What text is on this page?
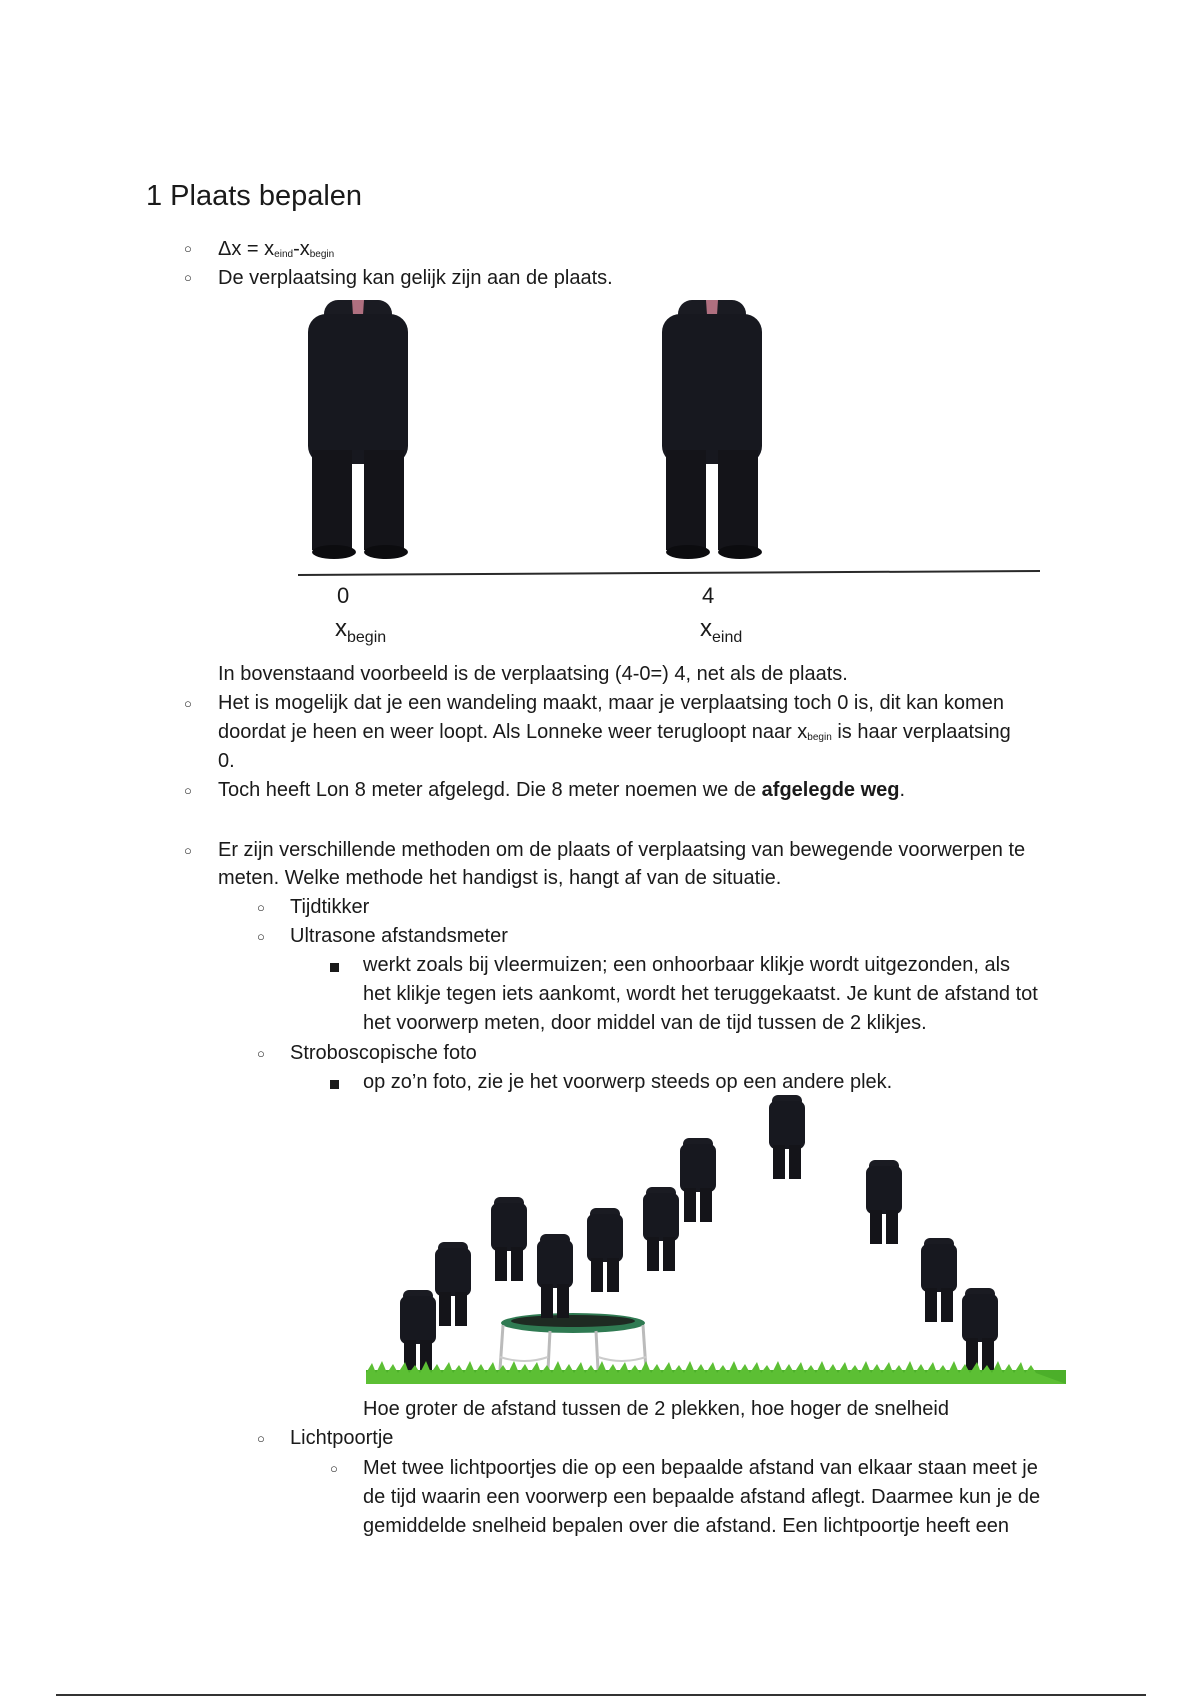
1 Plaats bepalen
○ $\Delta x = x_{eind}-x_{begin}$
○ De verplaatsing kan gelijk zijn aan de plaats.
0	4
$x_{begin}$	$x_{eind}$
In bovenstaand voorbeeld is de verplaatsing (4-0=) 4, net als de plaats.
○ Het is mogelijk dat je een wandeling maakt, maar je verplaatsing toch 0 is, dit kan komen
doordat je heen en weer loopt. Als Lonneke weer terugloopt naar $x_{begin}$ is haar verplaatsing
0.
○ Toch heeft Lon 8 meter afgelegd. Die 8 meter noemen we de afgelegde weg.
○ Er zijn verschillende methoden om de plaats of verplaatsing van bewegende voorwerpen te
meten. Welke methode het handigst is, hangt af van de situatie.
○ Tijdtikker
○ Ultrasone afstandsmeter
werkt zoals bij vleermuizen; een onhoorbaar klikje wordt uitgezonden, als
het klikje tegen iets aankomt, wordt het teruggekaatst. Je kunt de afstand tot
het voorwerp meten, door middel van de tijd tussen de 2 klikjes.
○ Stroboscopische foto
op zo’n foto, zie je het voorwerp steeds op een andere plek.
Hoe groter de afstand tussen de 2 plekken, hoe hoger de snelheid
○ Lichtpoortje
○ Met twee lichtpoortjes die op een bepaalde afstand van elkaar staan meet je
de tijd waarin een voorwerp een bepaalde afstand aflegt. Daarmee kun je de
gemiddelde snelheid bepalen over die afstand. Een lichtpoortje heeft een
